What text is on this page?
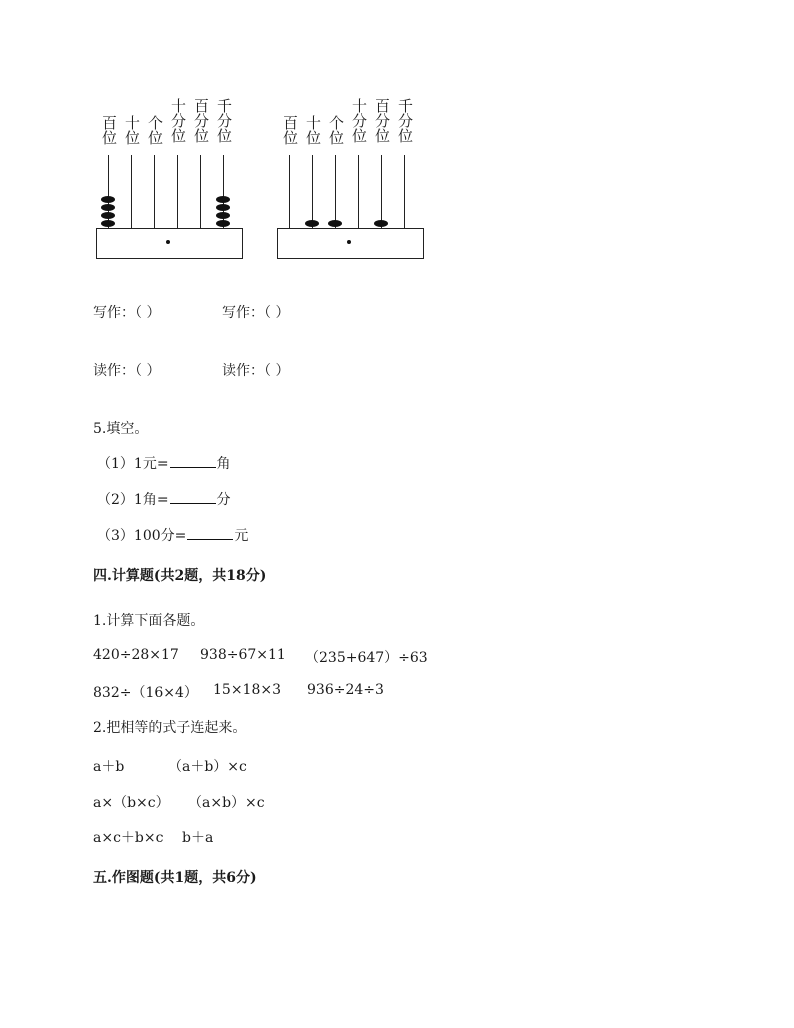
百位 十位 个位 十分位 百分位 千分位	百位 十位 个位 十分位 百分位 千分位
写作：（ ）	写作：（ ）
读作：（ ）	读作：（ ）
5.填空。
（1）1元=	角
（2）1角=	分
（3）100分=	元
四.计算题(共2题，共18分)
1.计算下面各题。
420÷28×17 938÷67×11 （235+647）÷63
832÷（16×4） 15×18×3 936÷24÷3
2.把相等的式子连起来。
a＋b	（a＋b）×c
a×（b×c） （a×b）×c
a×c＋b×c b＋a
五.作图题(共1题，共6分)
